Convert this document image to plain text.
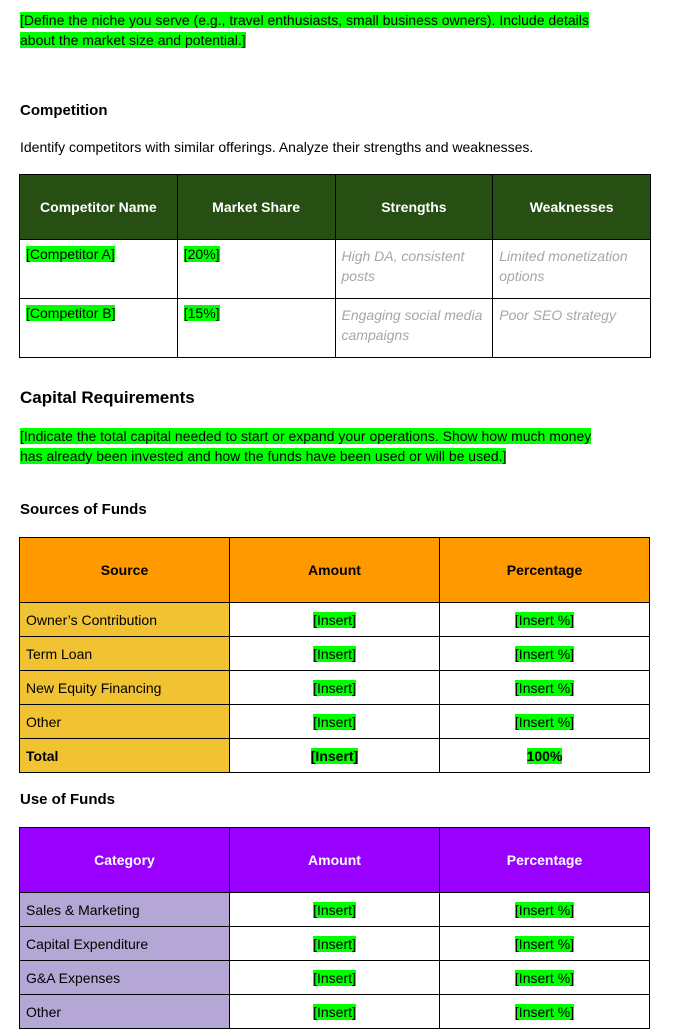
[Define the niche you serve (e.g., travel enthusiasts, small business owners). Include details about the market size and potential.]
Competition
Identify competitors with similar offerings. Analyze their strengths and weaknesses.
Competitor Name	Market Share	Strengths	Weaknesses
[Competitor A]	[20%]	High DA, consistent posts	Limited monetization options
[Competitor B]	[15%]	Engaging social media campaigns	Poor SEO strategy
Capital Requirements
[Indicate the total capital needed to start or expand your operations. Show how much money has already been invested and how the funds have been used or will be used.]
Sources of Funds
Source	Amount	Percentage
Owner’s Contribution	[Insert]	[Insert %]
Term Loan	[Insert]	[Insert %]
New Equity Financing	[Insert]	[Insert %]
Other	[Insert]	[Insert %]
Total	[Insert]	100%
Use of Funds
Category	Amount	Percentage
Sales & Marketing	[Insert]	[Insert %]
Capital Expenditure	[Insert]	[Insert %]
G&A Expenses	[Insert]	[Insert %]
Other	[Insert]	[Insert %]
